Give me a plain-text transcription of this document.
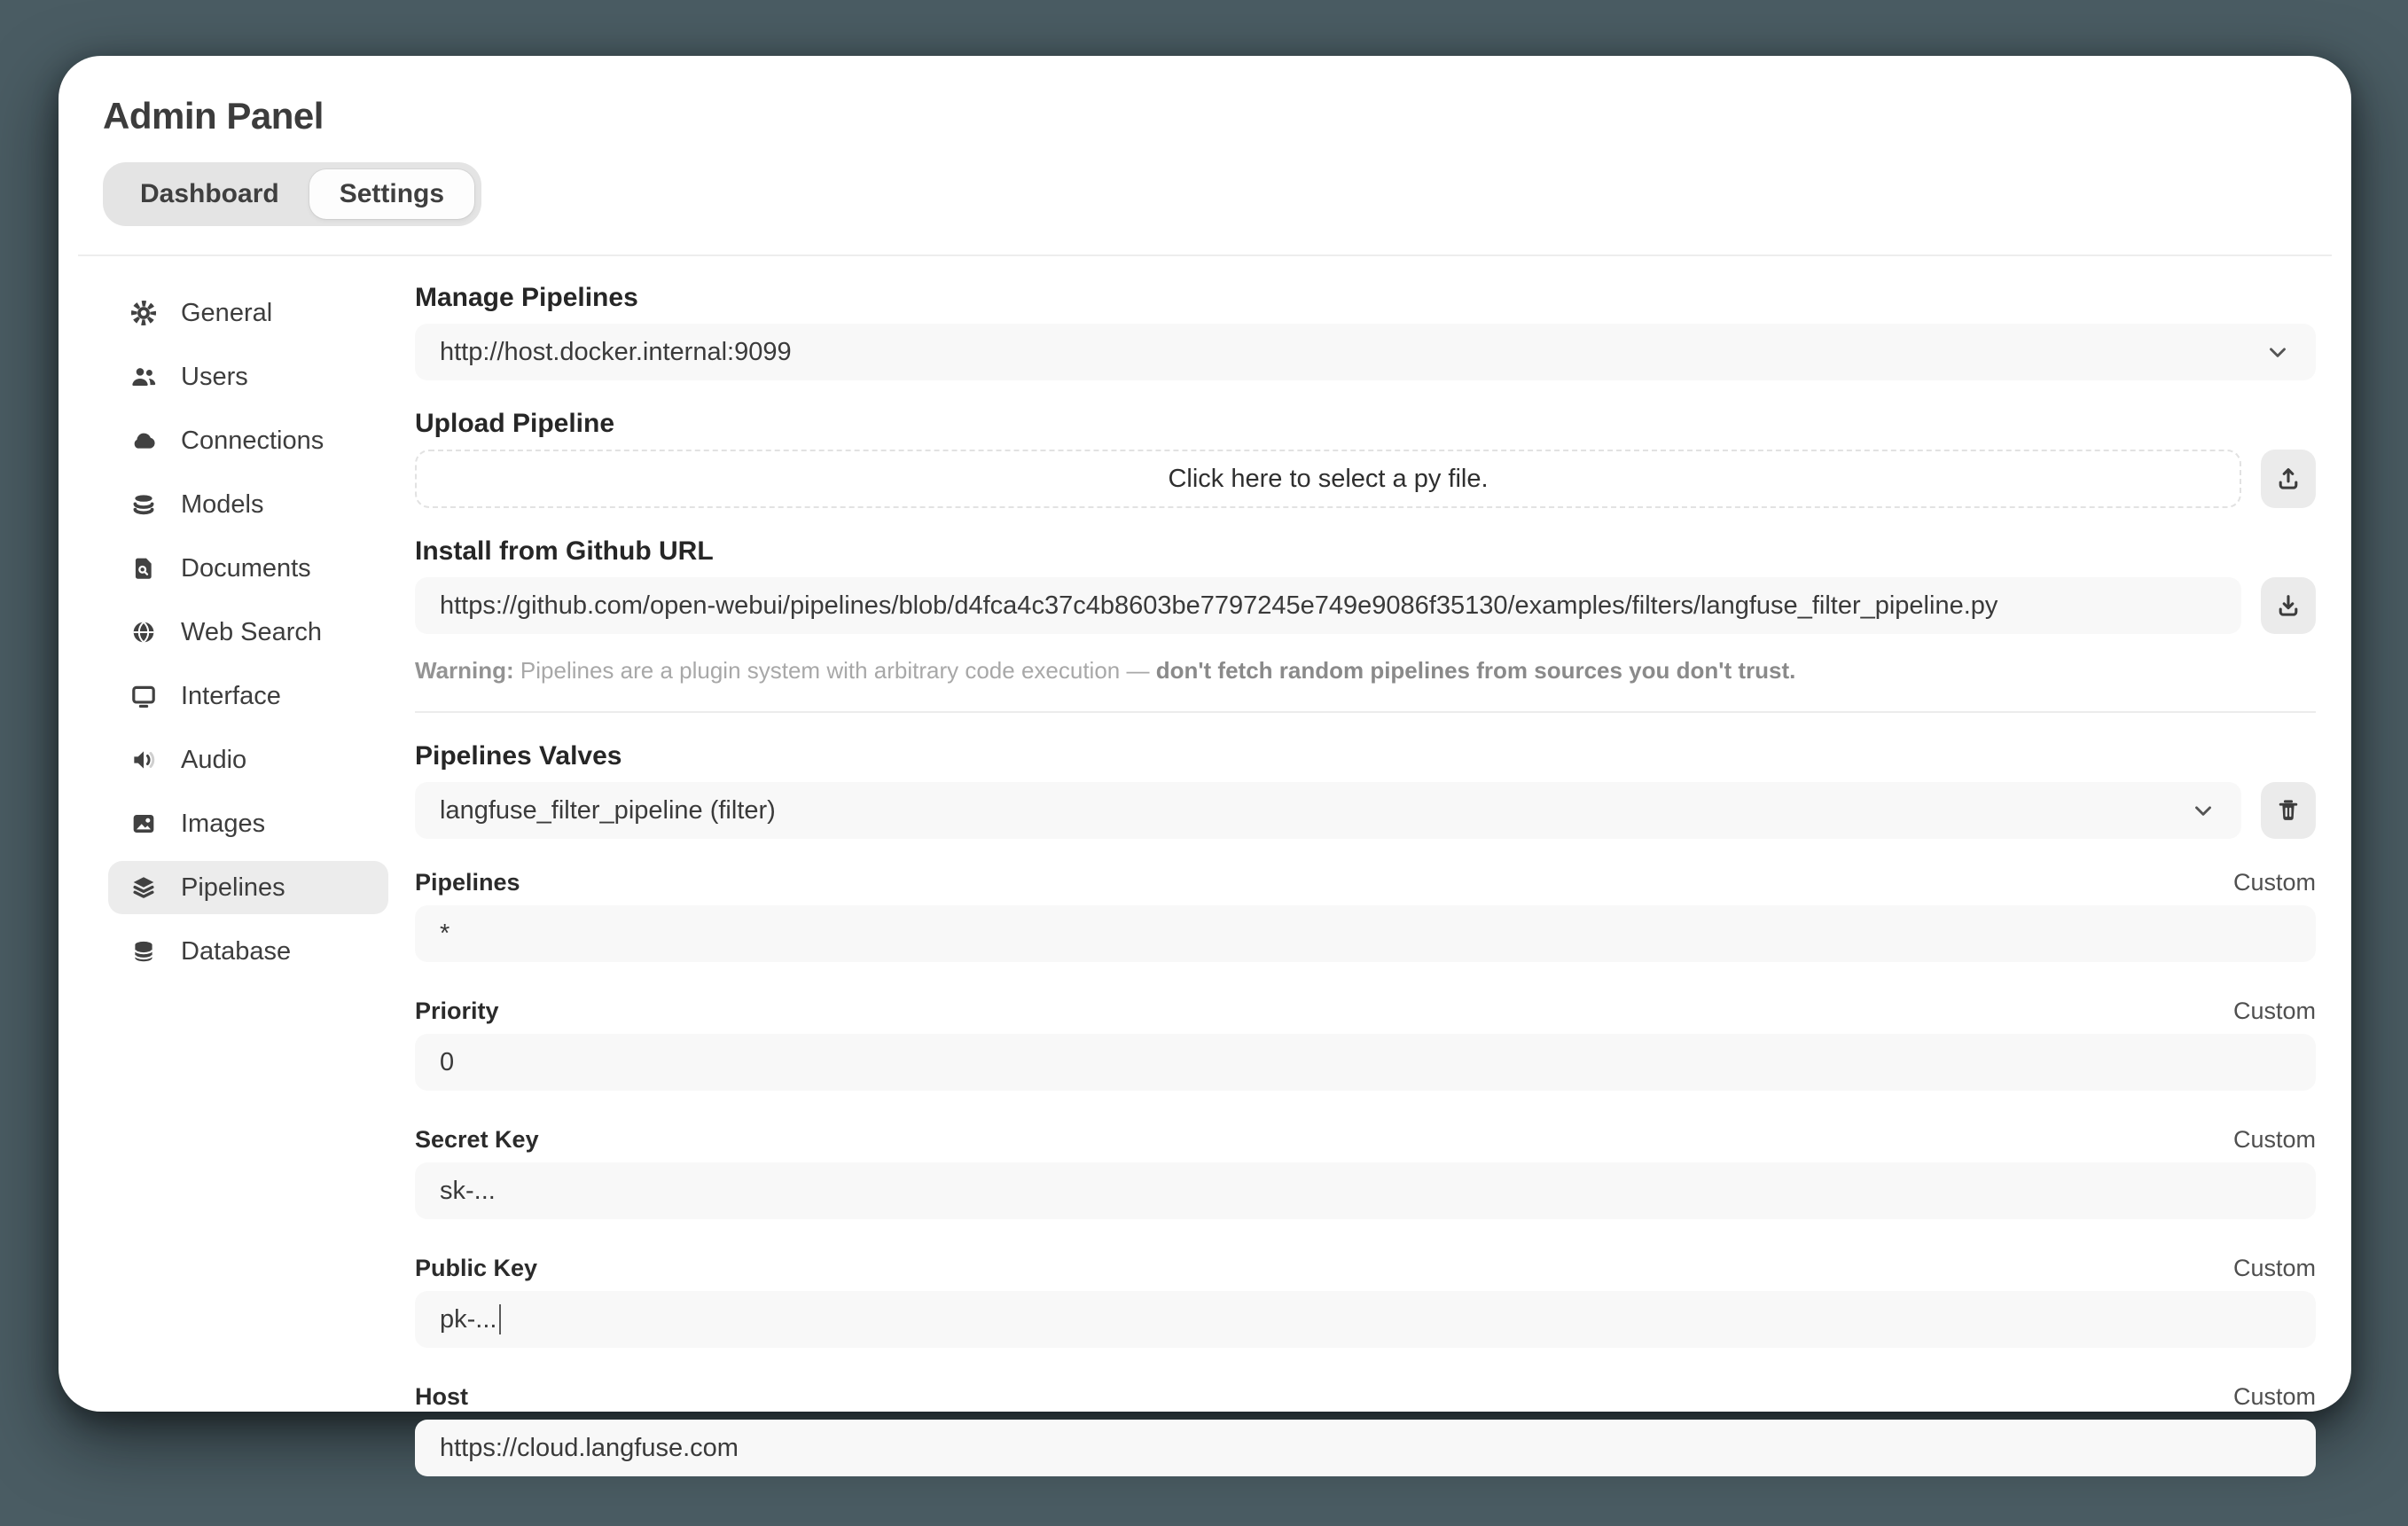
Admin Panel
Dashboard	Settings
General
Users
Connections
Models
Documents
Web Search
Interface
Audio
Images
Pipelines
Database
Manage Pipelines
http://host.docker.internal:9099
Upload Pipeline
Click here to select a py file.
Install from Github URL
https://github.com/open-webui/pipelines/blob/d4fca4c37c4b8603be7797245e749e9086f35130/examples/filters/langfuse_filter_pipeline.py

Warning: Pipelines are a plugin system with arbitrary code execution — don't fetch random pipelines from sources you don't trust.

Pipelines Valves
langfuse_filter_pipeline (filter)
Pipelines	Custom
*
Priority	Custom
0
Secret Key	Custom
sk-...
Public Key	Custom
pk-...
Host	Custom
https://cloud.langfuse.com
